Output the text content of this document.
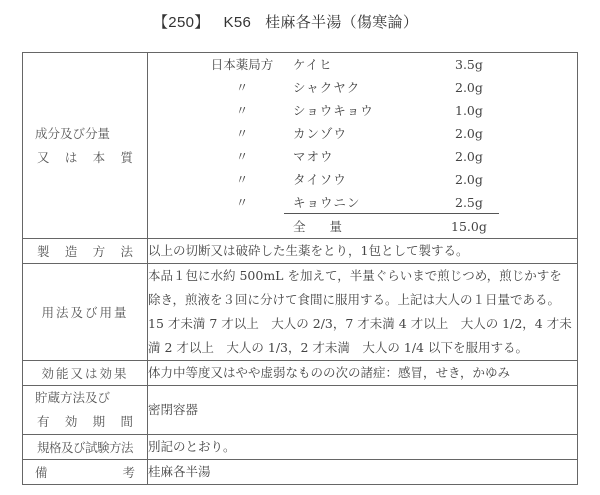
【250】 K56 桂麻各半湯（傷寒論）
成分及び分量
又 は 本 質

日本薬局方	ケイヒ	3.5g
〃	シャクヤク	2.0g
〃	ショウキョウ	1.0g
〃	カンゾウ	2.0g
〃	マオウ	2.0g
〃	タイソウ	2.0g
〃	キョウニン	2.5g
全 量	15.0g

製 造 方 法	以上の切断又は破砕した生薬をとり，1包として製する。
用法及び用量	本品１包に水約 500mL を加えて，半量ぐらいまで煎じつめ，煎じかすを
除き，煎液を３回に分けて食間に服用する。上記は大人の１日量である。
15 才未満 7 才以上　大人の 2/3，7 才未満 4 才以上　大人の 1/2，4 才未
満 2 才以上　大人の 1/3，2 才未満　大人の 1/4 以下を服用する。

効能又は効果	体力中等度又はやや虚弱なものの次の諸症：感冒，せき，かゆみ

貯蔵方法及び
有 効 期 間	密閉容器
規格及び試験方法	別記のとおり。

備 考	桂麻各半湯
